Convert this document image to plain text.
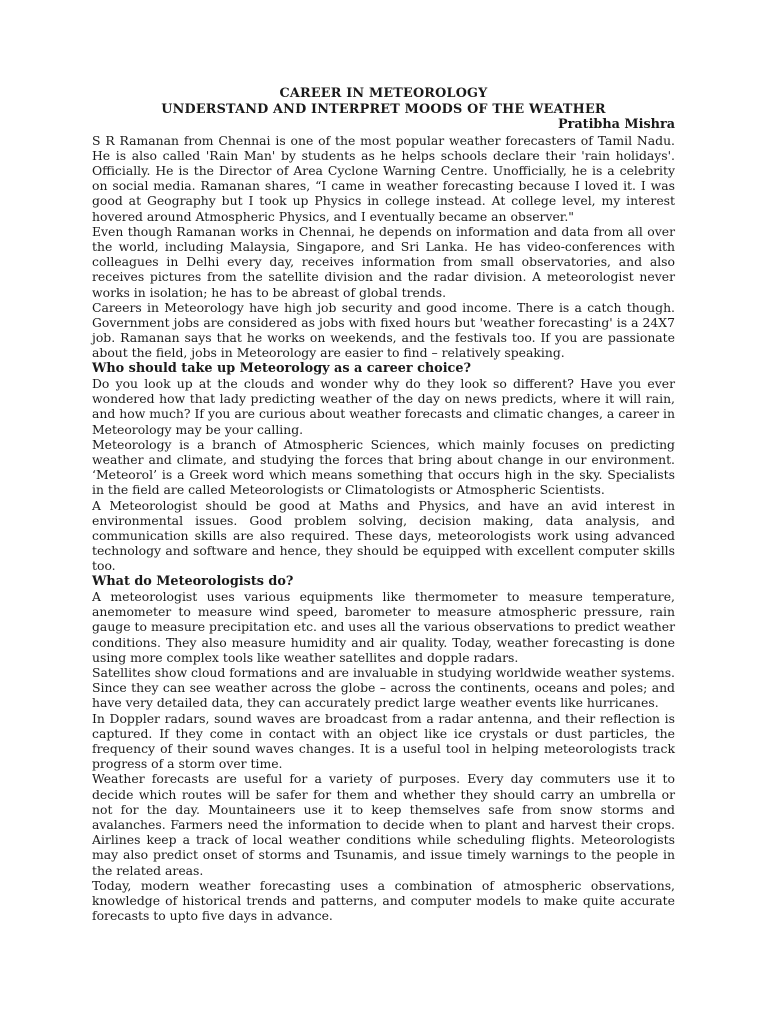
CAREER IN METEOROLOGY
UNDERSTAND AND INTERPRET MOODS OF THE WEATHER
Pratibha Mishra

S R Ramanan from Chennai is one of the most popular weather forecasters of Tamil Nadu. He is also called 'Rain Man' by students as he helps schools declare their 'rain holidays'. Officially. He is the Director of Area Cyclone Warning Centre. Unofficially, he is a celebrity on social media. Ramanan shares, “I came in weather forecasting because I loved it. I was good at Geography but I took up Physics in college instead. At college level, my interest hovered around Atmospheric Physics, and I eventually became an observer."

Even though Ramanan works in Chennai, he depends on information and data from all over the world, including Malaysia, Singapore, and Sri Lanka. He has video-conferences with colleagues in Delhi every day, receives information from small observatories, and also receives pictures from the satellite division and the radar division. A meteorologist never works in isolation; he has to be abreast of global trends.

Careers in Meteorology have high job security and good income. There is a catch though. Government jobs are considered as jobs with fixed hours but 'weather forecasting' is a 24X7 job. Ramanan says that he works on weekends, and the festivals too. If you are passionate about the field, jobs in Meteorology are easier to find – relatively speaking.

Who should take up Meteorology as a career choice?

Do you look up at the clouds and wonder why do they look so different? Have you ever wondered how that lady predicting weather of the day on news predicts, where it will rain, and how much? If you are curious about weather forecasts and climatic changes, a career in Meteorology may be your calling.

Meteorology is a branch of Atmospheric Sciences, which mainly focuses on predicting weather and climate, and studying the forces that bring about change in our environment. ‘Meteorol’ is a Greek word which means something that occurs high in the sky. Specialists in the field are called Meteorologists or Climatologists or Atmospheric Scientists.

A Meteorologist should be good at Maths and Physics, and have an avid interest in environmental issues. Good problem solving, decision making, data analysis, and communication skills are also required. These days, meteorologists work using advanced technology and software and hence, they should be equipped with excellent computer skills too.

What do Meteorologists do?

A meteorologist uses various equipments like thermometer to measure temperature, anemometer to measure wind speed, barometer to measure atmospheric pressure, rain gauge to measure precipitation etc. and uses all the various observations to predict weather conditions. They also measure humidity and air quality. Today, weather forecasting is done using more complex tools like weather satellites and dopple radars.

Satellites show cloud formations and are invaluable in studying worldwide weather systems. Since they can see weather across the globe – across the continents, oceans and poles; and have very detailed data, they can accurately predict large weather events like hurricanes.

In Doppler radars, sound waves are broadcast from a radar antenna, and their reflection is captured. If they come in contact with an object like ice crystals or dust particles, the frequency of their sound waves changes. It is a useful tool in helping meteorologists track progress of a storm over time.

Weather forecasts are useful for a variety of purposes. Every day commuters use it to decide which routes will be safer for them and whether they should carry an umbrella or not for the day. Mountaineers use it to keep themselves safe from snow storms and avalanches. Farmers need the information to decide when to plant and harvest their crops. Airlines keep a track of local weather conditions while scheduling flights. Meteorologists may also predict onset of storms and Tsunamis, and issue timely warnings to the people in the related areas.

Today, modern weather forecasting uses a combination of atmospheric observations, knowledge of historical trends and patterns, and computer models to make quite accurate forecasts to upto five days in advance.
